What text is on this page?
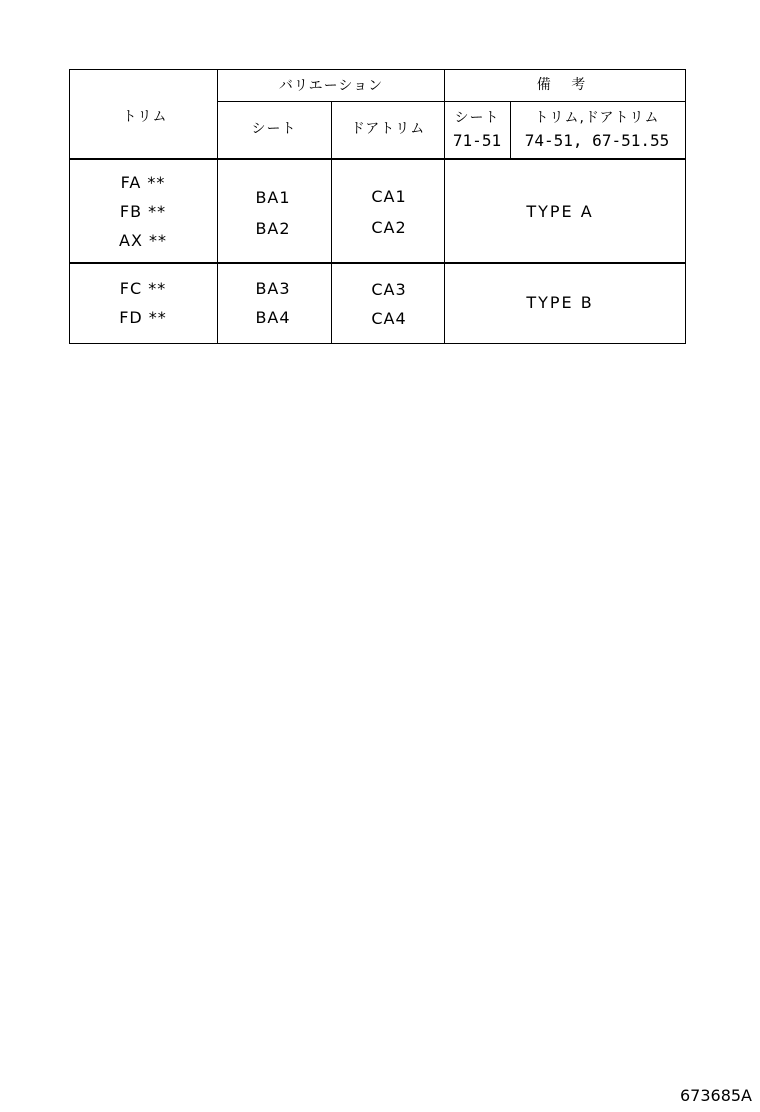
トリム
バリエーション	備 考
シート	ドアトリム
シート
71-51
トリム,ドアトリム
74-51, 67-51.55
FA **
FB **
AX **
BA1
BA2
CA1
CA2
TYPE A
FC **
FD **
BA3
BA4
CA3
CA4
TYPE B
673685A
